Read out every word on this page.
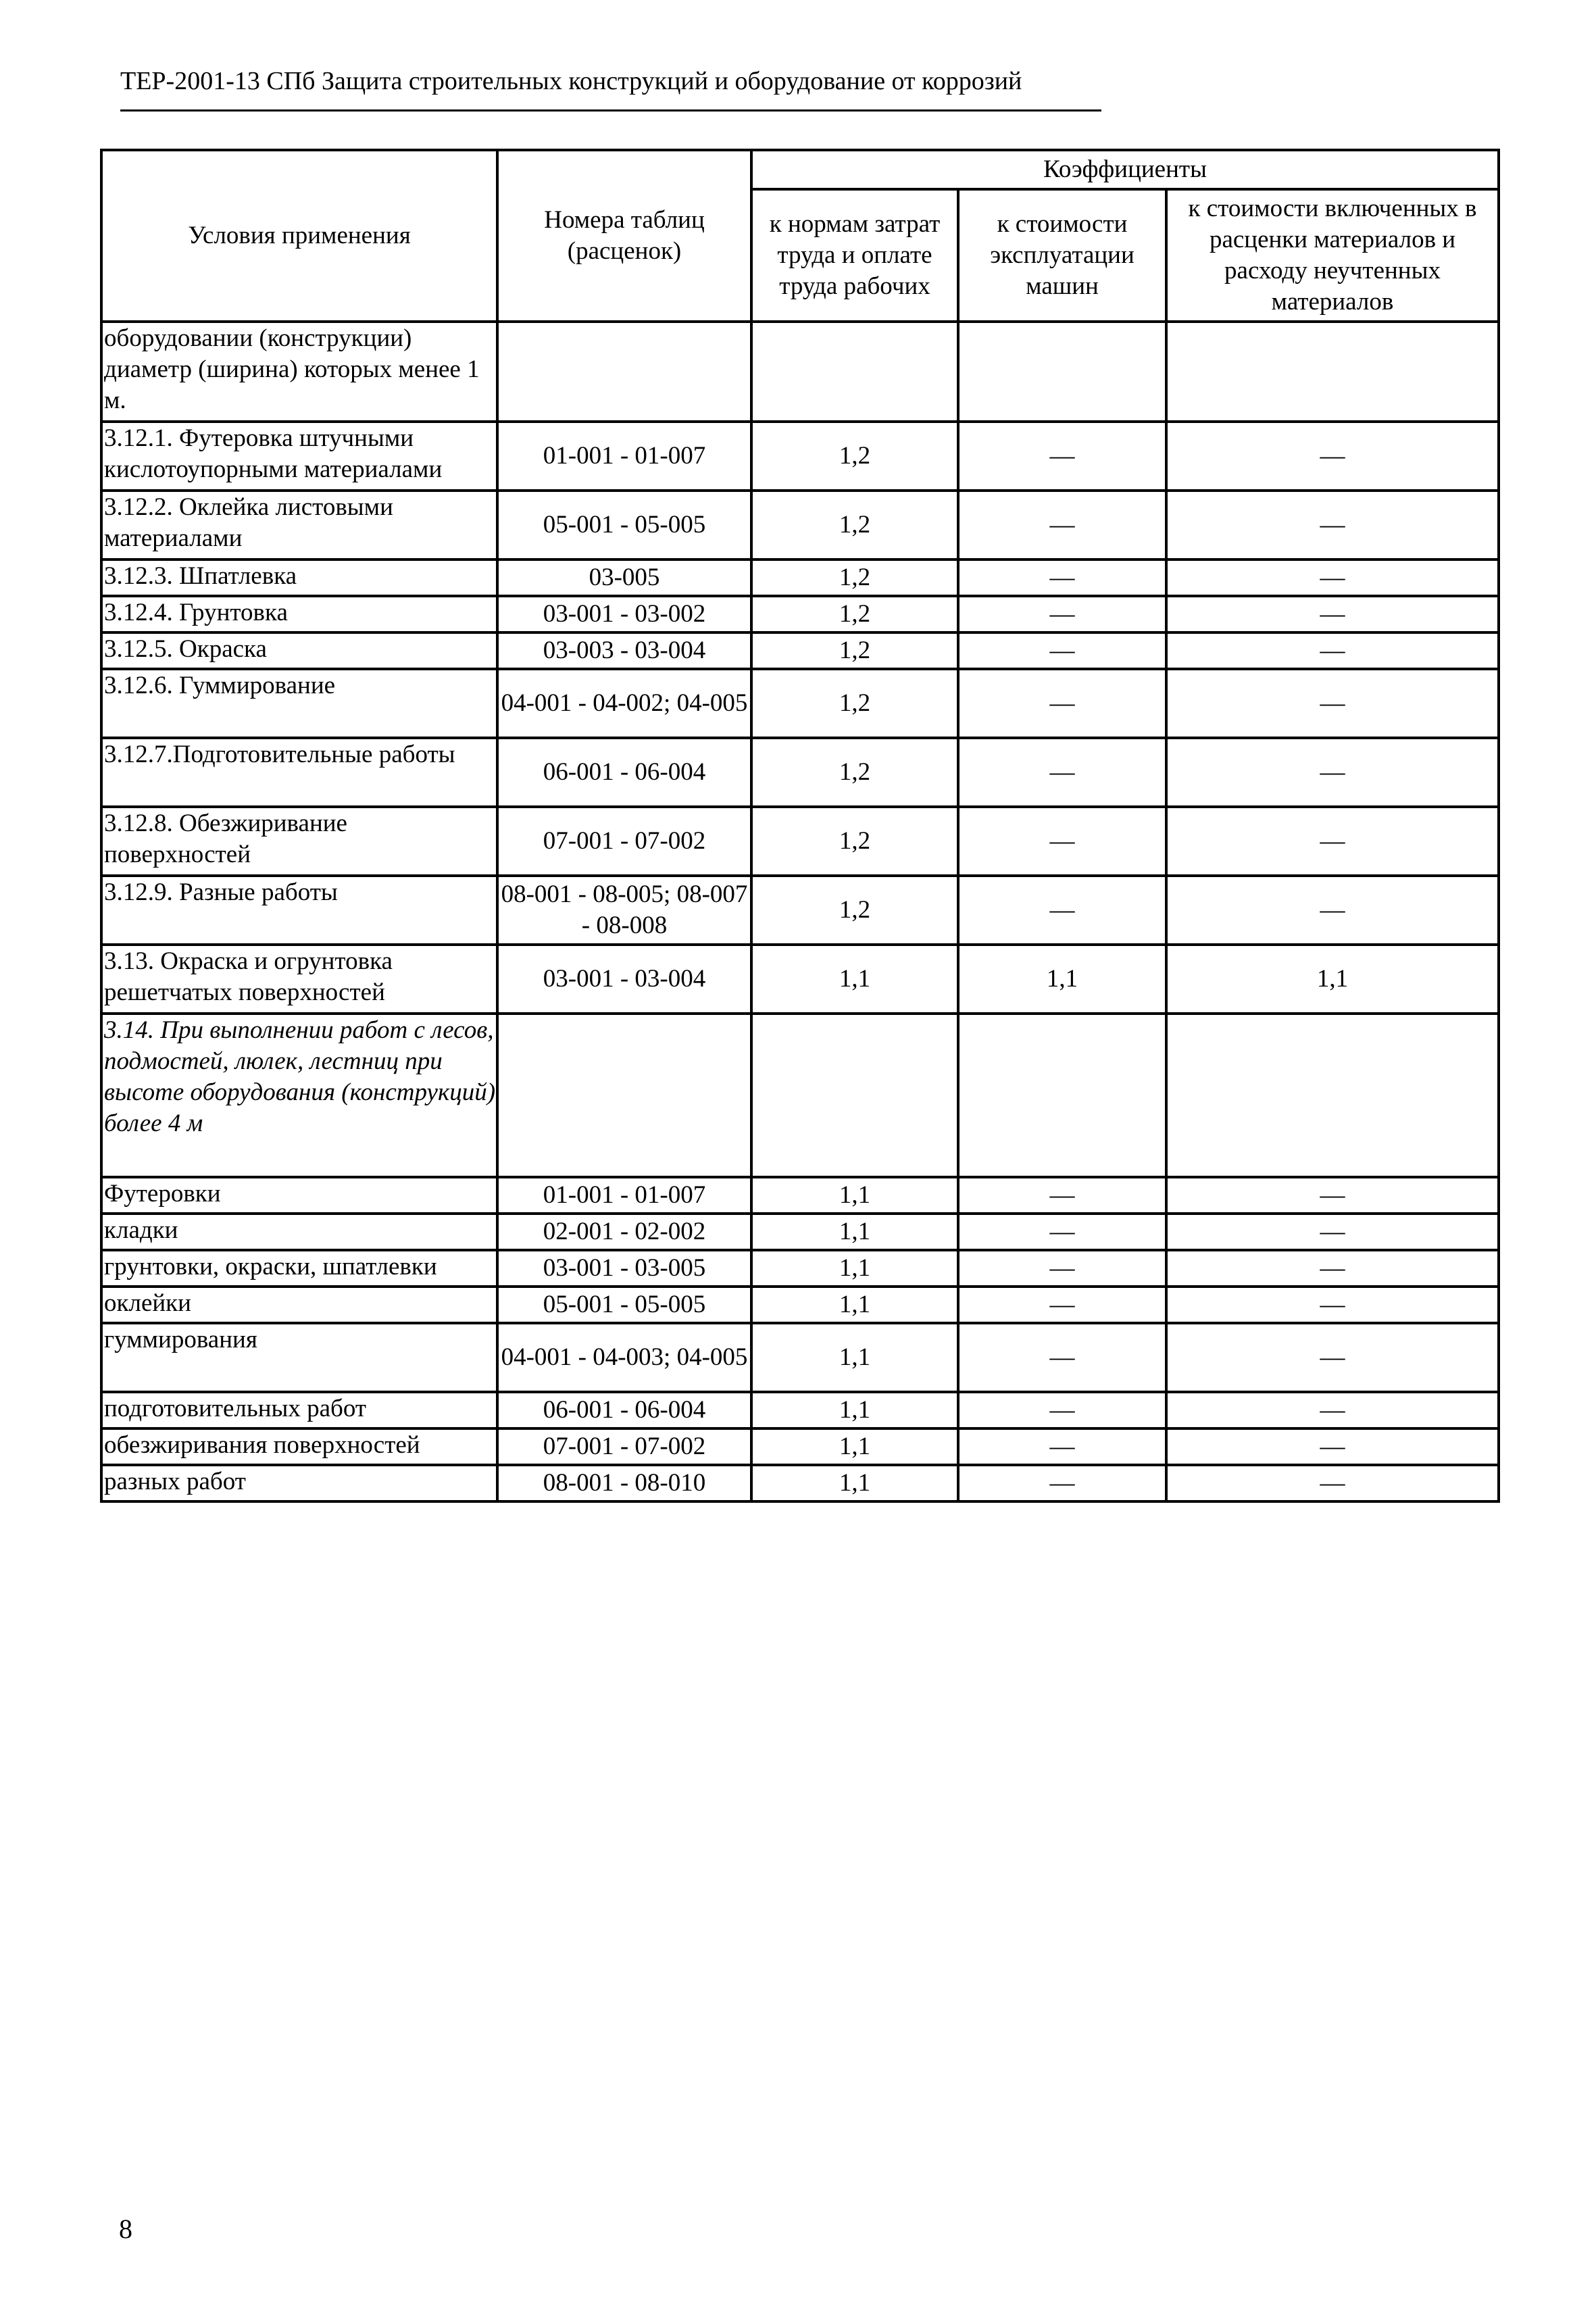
ТЕР-2001-13 СПб Защита строительных конструкций и оборудование от коррозий
Условия применения	Номера таблиц (расценок)	Коэффициенты		
		к нормам затрат труда и оплате труда рабочих	к стоимости эксплуатации машин	к стоимости включенных в расценки материалов и расходу неучтенных материалов
оборудовании (конструкции) диаметр (ширина) которых менее 1 м.				
3.12.1. Футеровка штучными кислотоупорными материалами	01-001 - 01-007	1,2	—	—
3.12.2. Оклейка листовыми материалами	05-001 - 05-005	1,2	—	—
3.12.3. Шпатлевка	03-005	1,2	—	—
3.12.4. Грунтовка	03-001 - 03-002	1,2	—	—
3.12.5. Окраска	03-003 - 03-004	1,2	—	—
3.12.6. Гуммирование	04-001 - 04-002; 04-005	1,2	—	—
3.12.7.Подготовительные работы	06-001 - 06-004	1,2	—	—
3.12.8. Обезжиривание поверхностей	07-001 - 07-002	1,2	—	—
3.12.9. Разные работы	08-001 - 08-005; 08-007 - 08-008	1,2	—	—
3.13. Окраска и огрунтовка решетчатых поверхностей	03-001 - 03-004	1,1	1,1	1,1
3.14. При выполнении работ с лесов, подмостей, люлек, лестниц при высоте оборудования (конструкций) более 4 м				
Футеровки	01-001 - 01-007	1,1	—	—
кладки	02-001 - 02-002	1,1	—	—
грунтовки, окраски, шпатлевки	03-001 - 03-005	1,1	—	—
оклейки	05-001 - 05-005	1,1	—	—
гуммирования	04-001 - 04-003; 04-005	1,1	—	—
подготовительных работ	06-001 - 06-004	1,1	—	—
обезжиривания поверхностей	07-001 - 07-002	1,1	—	—
разных работ	08-001 - 08-010	1,1	—	—
8
